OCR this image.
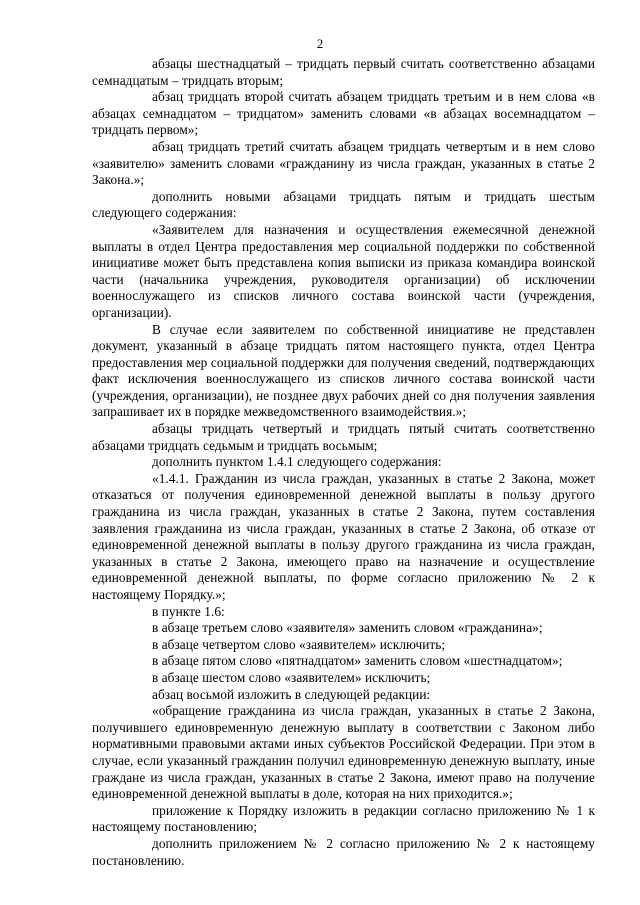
2

абзацы шестнадцатый – тридцать первый считать соответственно абзацами семнадцатым – тридцать вторым;

абзац тридцать второй считать абзацем тридцать третьим и в нем слова «в абзацах семнадцатом – тридцатом» заменить словами «в абзацах восемнадцатом – тридцать первом»;

абзац тридцать третий считать абзацем тридцать четвертым и в нем слово «заявителю» заменить словами «гражданину из числа граждан, указанных в статье 2 Закона.»;

дополнить новыми абзацами тридцать пятым и тридцать шестым следующего содержания:

«Заявителем для назначения и осуществления ежемесячной денежной выплаты в отдел Центра предоставления мер социальной поддержки по собственной инициативе может быть представлена копия выписки из приказа командира воинской части (начальника учреждения, руководителя организации) об исключении военнослужащего из списков личного состава воинской части (учреждения, организации).

В случае если заявителем по собственной инициативе не представлен документ, указанный в абзаце тридцать пятом настоящего пункта, отдел Центра предоставления мер социальной поддержки для получения сведений, подтверждающих факт исключения военнослужащего из списков личного состава воинской части (учреждения, организации), не позднее двух рабочих дней со дня получения заявления запрашивает их в порядке межведомственного взаимодействия.»;

абзацы тридцать четвертый и тридцать пятый считать соответственно абзацами тридцать седьмым и тридцать восьмым;

дополнить пунктом 1.4.1 следующего содержания:

«1.4.1. Гражданин из числа граждан, указанных в статье 2 Закона, может отказаться от получения единовременной денежной выплаты в пользу другого гражданина из числа граждан, указанных в статье 2 Закона, путем составления заявления гражданина из числа граждан, указанных в статье 2 Закона, об отказе от единовременной денежной выплаты в пользу другого гражданина из числа граждан, указанных в статье 2 Закона, имеющего право на назначение и осуществление единовременной денежной выплаты, по форме согласно приложению № 2 к настоящему Порядку.»;

в пункте 1.6:

в абзаце третьем слово «заявителя» заменить словом «гражданина»;

в абзаце четвертом слово «заявителем» исключить;

в абзаце пятом слово «пятнадцатом» заменить словом «шестнадцатом»;

в абзаце шестом слово «заявителем» исключить;

абзац восьмой изложить в следующей редакции:

«обращение гражданина из числа граждан, указанных в статье 2 Закона, получившего единовременную денежную выплату в соответствии с Законом либо нормативными правовыми актами иных субъектов Российской Федерации. При этом в случае, если указанный гражданин получил единовременную денежную выплату, иные граждане из числа граждан, указанных в статье 2 Закона, имеют право на получение единовременной денежной выплаты в доле, которая на них приходится.»;

приложение к Порядку изложить в редакции согласно приложению № 1 к настоящему постановлению;

дополнить приложением № 2 согласно приложению № 2 к настоящему постановлению.
